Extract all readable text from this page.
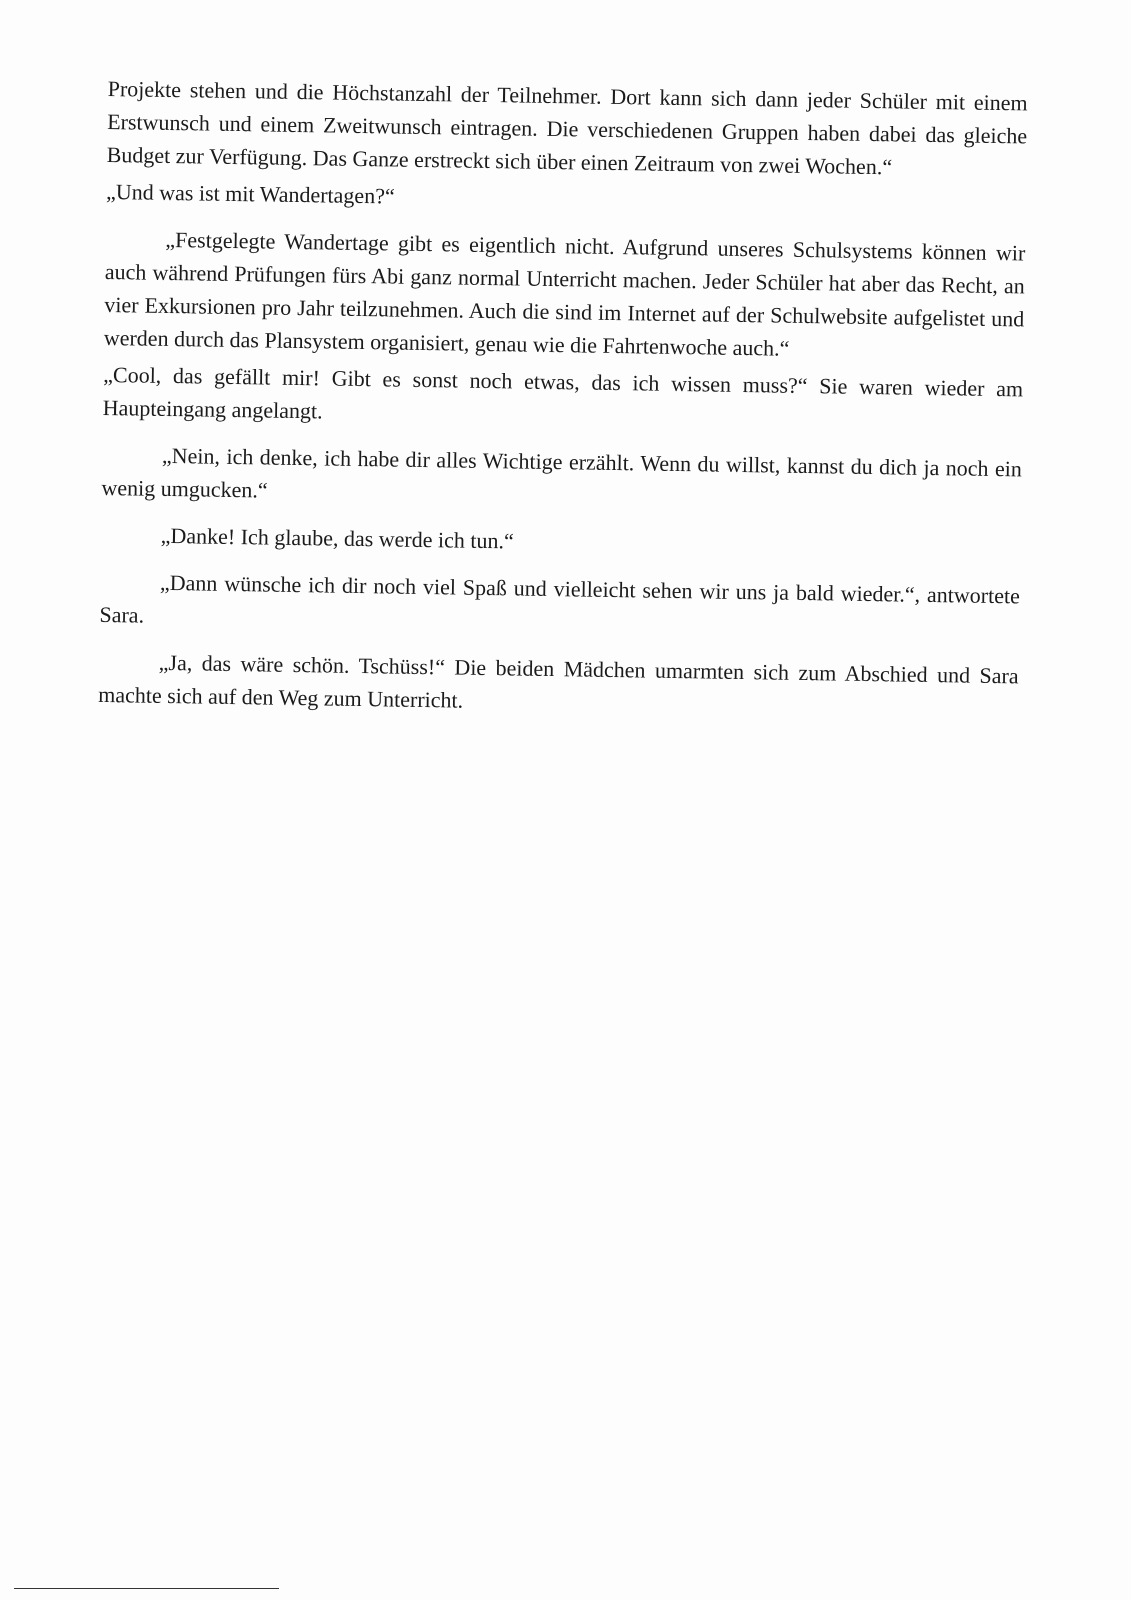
Projekte stehen und die Höchstanzahl der Teilnehmer. Dort kann sich dann jeder Schüler mit einem Erstwunsch und einem Zweitwunsch eintragen. Die verschiedenen Gruppen haben dabei das gleiche Budget zur Verfügung. Das Ganze erstreckt sich über einen Zeitraum von zwei Wochen.“

„Und was ist mit Wandertagen?“

„Festgelegte Wandertage gibt es eigentlich nicht. Aufgrund unseres Schulsystems können wir auch während Prüfungen fürs Abi ganz normal Unterricht machen. Jeder Schüler hat aber das Recht, an vier Exkursionen pro Jahr teilzunehmen. Auch die sind im Internet auf der Schulwebsite aufgelistet und werden durch das Plansystem organisiert, genau wie die Fahrtenwoche auch.“

„Cool, das gefällt mir! Gibt es sonst noch etwas, das ich wissen muss?“ Sie waren wieder am Haupteingang angelangt.

„Nein, ich denke, ich habe dir alles Wichtige erzählt. Wenn du willst, kannst du dich ja noch ein wenig umgucken.“

„Danke! Ich glaube, das werde ich tun.“

„Dann wünsche ich dir noch viel Spaß und vielleicht sehen wir uns ja bald wieder.“, antwortete Sara.

„Ja, das wäre schön. Tschüss!“ Die beiden Mädchen umarmten sich zum Abschied und Sara machte sich auf den Weg zum Unterricht.
